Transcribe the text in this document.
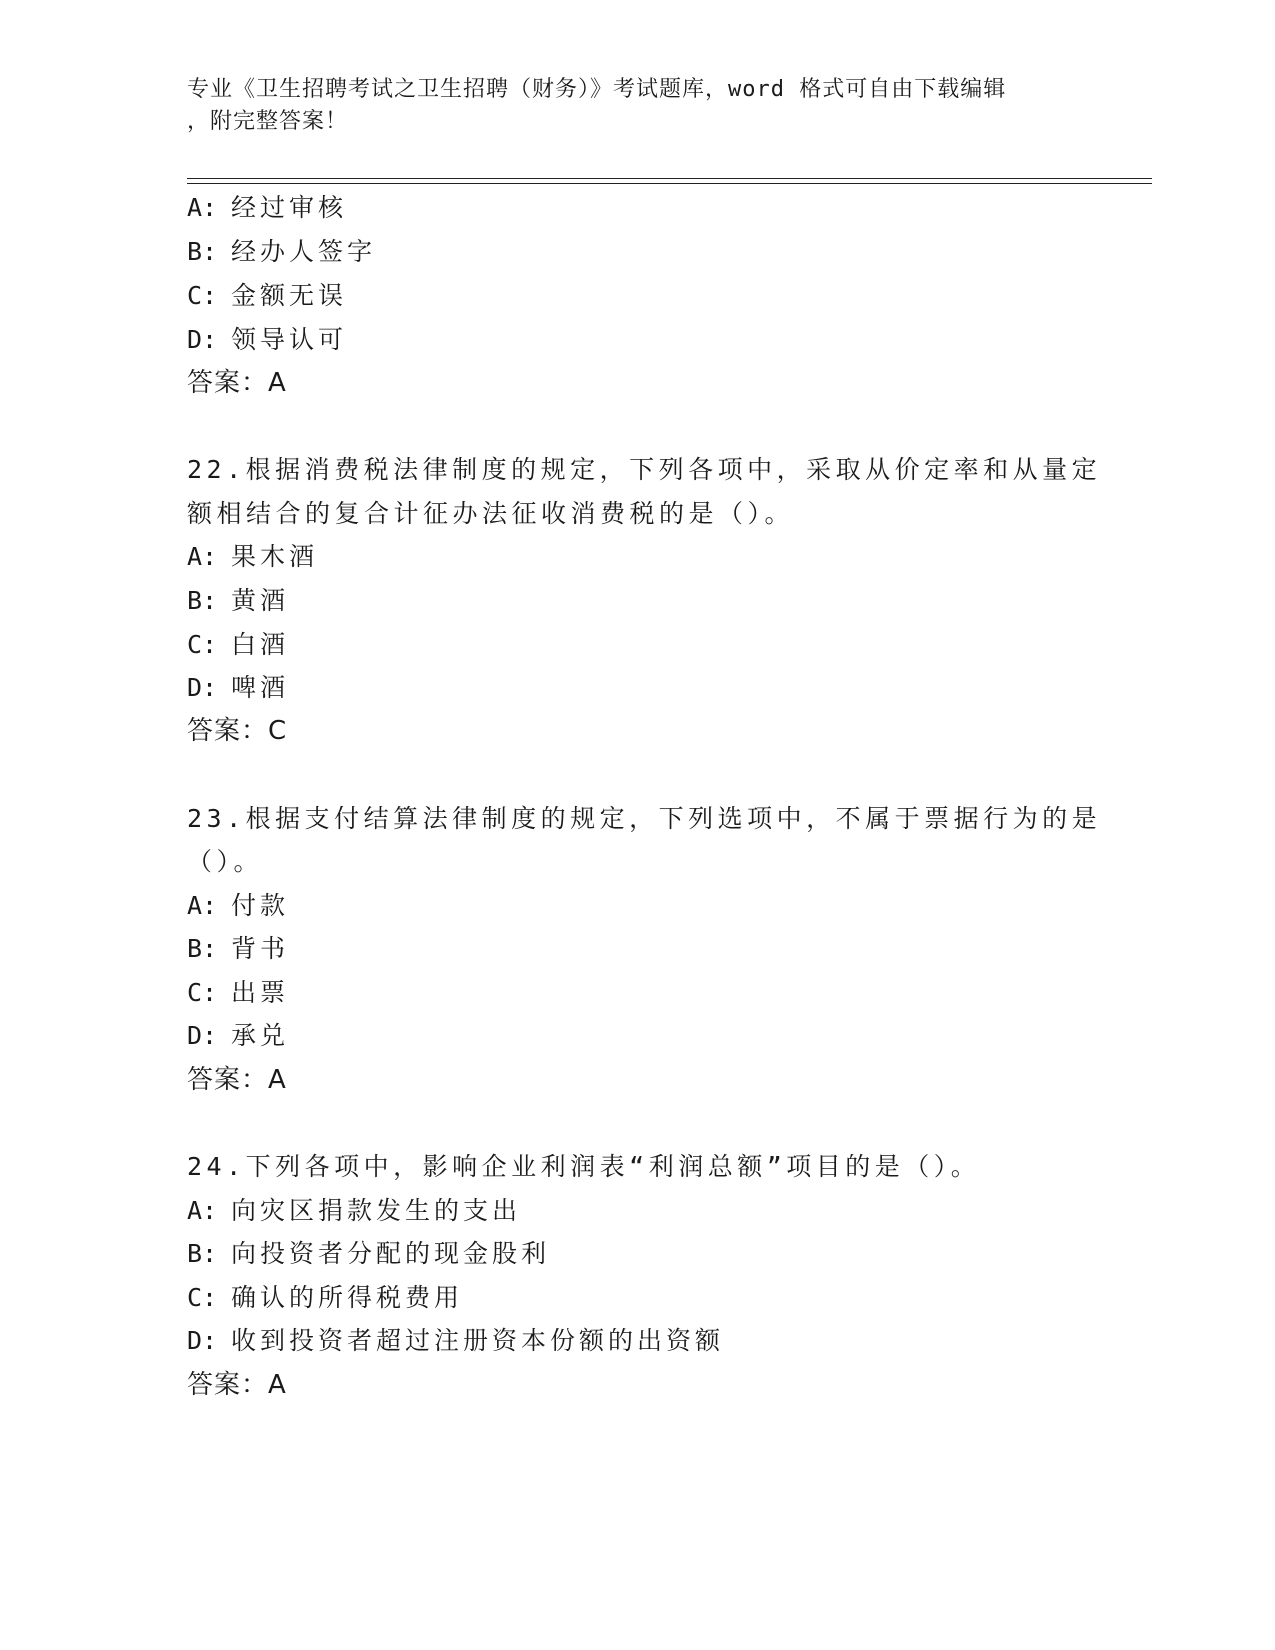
专业《卫生招聘考试之卫生招聘（财务）》考试题库，word 格式可自由下载编辑
，附完整答案！
A: 经过审核
B: 经办人签字
C: 金额无误
D: 领导认可
答案：A
22.根据消费税法律制度的规定，下列各项中，采取从价定率和从量定
额相结合的复合计征办法征收消费税的是（）。
A: 果木酒
B: 黄酒
C: 白酒
D: 啤酒
答案：C
23.根据支付结算法律制度的规定，下列选项中，不属于票据行为的是
（）。
A: 付款
B: 背书
C: 出票
D: 承兑
答案：A
24.下列各项中，影响企业利润表“利润总额”项目的是（）。
A: 向灾区捐款发生的支出
B: 向投资者分配的现金股利
C: 确认的所得税费用
D: 收到投资者超过注册资本份额的出资额
答案：A
